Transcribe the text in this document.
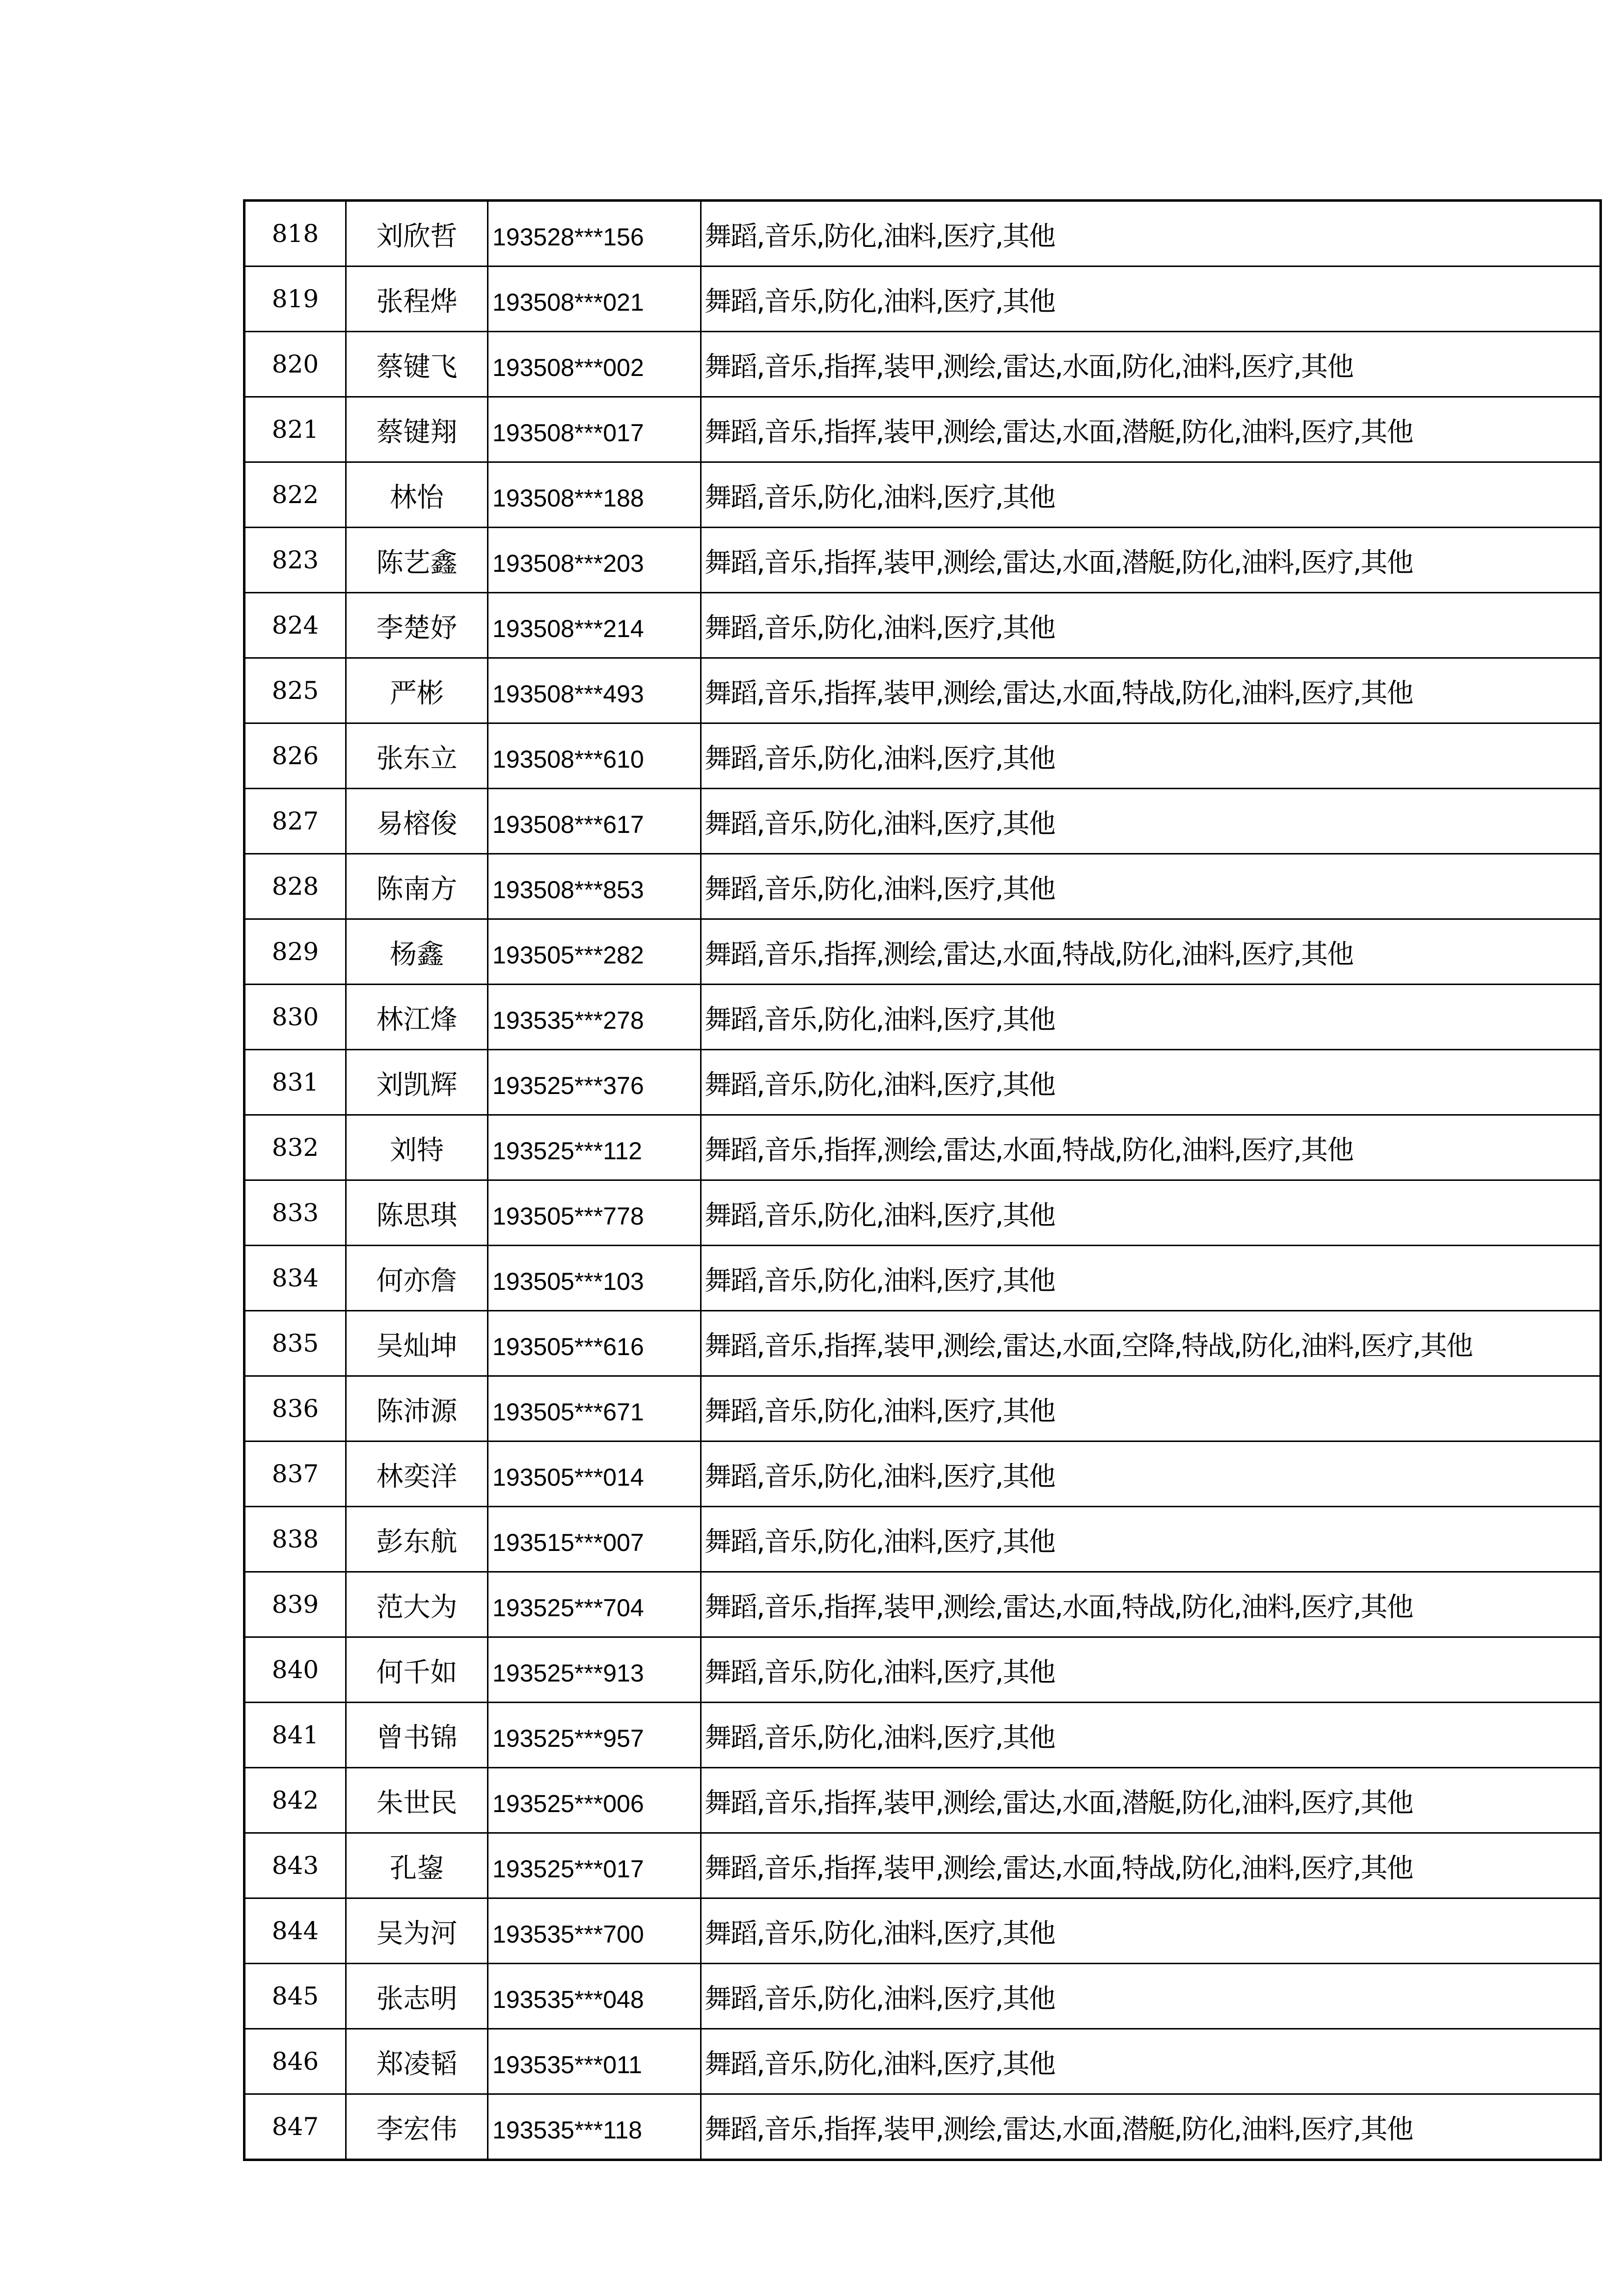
818	刘欣哲	193528***156	舞蹈,音乐,防化,油料,医疗,其他
819	张程烨	193508***021	舞蹈,音乐,防化,油料,医疗,其他
820	蔡键飞	193508***002	舞蹈,音乐,指挥,装甲,测绘,雷达,水面,防化,油料,医疗,其他
821	蔡键翔	193508***017	舞蹈,音乐,指挥,装甲,测绘,雷达,水面,潜艇,防化,油料,医疗,其他
822	林怡	193508***188	舞蹈,音乐,防化,油料,医疗,其他
823	陈艺鑫	193508***203	舞蹈,音乐,指挥,装甲,测绘,雷达,水面,潜艇,防化,油料,医疗,其他
824	李楚妤	193508***214	舞蹈,音乐,防化,油料,医疗,其他
825	严彬	193508***493	舞蹈,音乐,指挥,装甲,测绘,雷达,水面,特战,防化,油料,医疗,其他
826	张东立	193508***610	舞蹈,音乐,防化,油料,医疗,其他
827	易榕俊	193508***617	舞蹈,音乐,防化,油料,医疗,其他
828	陈南方	193508***853	舞蹈,音乐,防化,油料,医疗,其他
829	杨鑫	193505***282	舞蹈,音乐,指挥,测绘,雷达,水面,特战,防化,油料,医疗,其他
830	林江烽	193535***278	舞蹈,音乐,防化,油料,医疗,其他
831	刘凯辉	193525***376	舞蹈,音乐,防化,油料,医疗,其他
832	刘特	193525***112	舞蹈,音乐,指挥,测绘,雷达,水面,特战,防化,油料,医疗,其他
833	陈思琪	193505***778	舞蹈,音乐,防化,油料,医疗,其他
834	何亦詹	193505***103	舞蹈,音乐,防化,油料,医疗,其他
835	吴灿坤	193505***616	舞蹈,音乐,指挥,装甲,测绘,雷达,水面,空降,特战,防化,油料,医疗,其他
836	陈沛源	193505***671	舞蹈,音乐,防化,油料,医疗,其他
837	林奕洋	193505***014	舞蹈,音乐,防化,油料,医疗,其他
838	彭东航	193515***007	舞蹈,音乐,防化,油料,医疗,其他
839	范大为	193525***704	舞蹈,音乐,指挥,装甲,测绘,雷达,水面,特战,防化,油料,医疗,其他
840	何千如	193525***913	舞蹈,音乐,防化,油料,医疗,其他
841	曾书锦	193525***957	舞蹈,音乐,防化,油料,医疗,其他
842	朱世民	193525***006	舞蹈,音乐,指挥,装甲,测绘,雷达,水面,潜艇,防化,油料,医疗,其他
843	孔鋆	193525***017	舞蹈,音乐,指挥,装甲,测绘,雷达,水面,特战,防化,油料,医疗,其他
844	吴为河	193535***700	舞蹈,音乐,防化,油料,医疗,其他
845	张志明	193535***048	舞蹈,音乐,防化,油料,医疗,其他
846	郑凌韬	193535***011	舞蹈,音乐,防化,油料,医疗,其他
847	李宏伟	193535***118	舞蹈,音乐,指挥,装甲,测绘,雷达,水面,潜艇,防化,油料,医疗,其他
